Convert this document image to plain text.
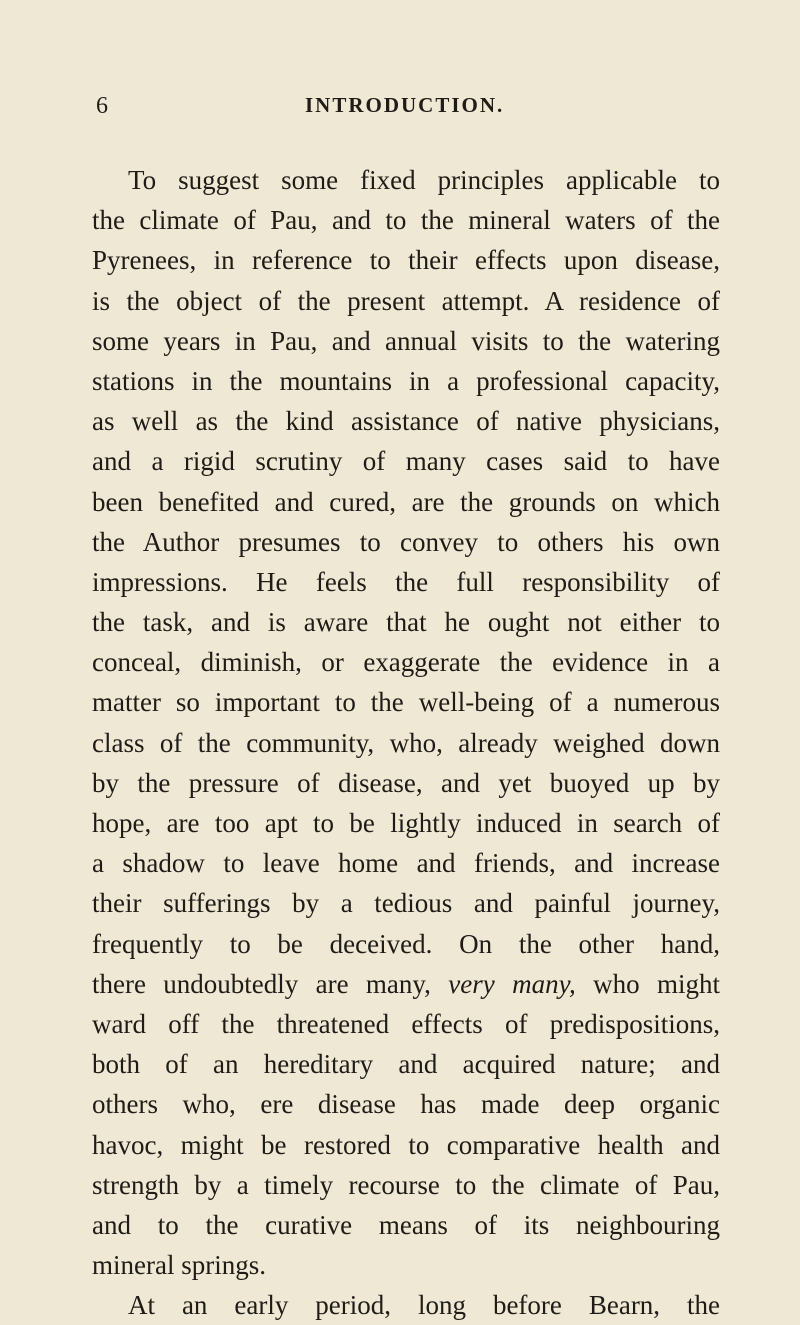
6	INTRODUCTION.
To suggest some fixed principles applicable to
the climate of Pau, and to the mineral waters of the
Pyrenees, in reference to their effects upon disease,
is the object of the present attempt. A residence of
some years in Pau, and annual visits to the watering
stations in the mountains in a professional capacity,
as well as the kind assistance of native physicians,
and a rigid scrutiny of many cases said to have
been benefited and cured, are the grounds on which
the Author presumes to convey to others his own
impressions. He feels the full responsibility of
the task, and is aware that he ought not either to
conceal, diminish, or exaggerate the evidence in a
matter so important to the well-being of a numerous
class of the community, who, already weighed down
by the pressure of disease, and yet buoyed up by
hope, are too apt to be lightly induced in search of
a shadow to leave home and friends, and increase
their sufferings by a tedious and painful journey,
frequently to be deceived. On the other hand,
there undoubtedly are many, very many, who might
ward off the threatened effects of predispositions,
both of an hereditary and acquired nature; and
others who, ere disease has made deep organic
havoc, might be restored to comparative health and
strength by a timely recourse to the climate of Pau,
and to the curative means of its neighbouring
mineral springs.
At an early period, long before Bearn, the
